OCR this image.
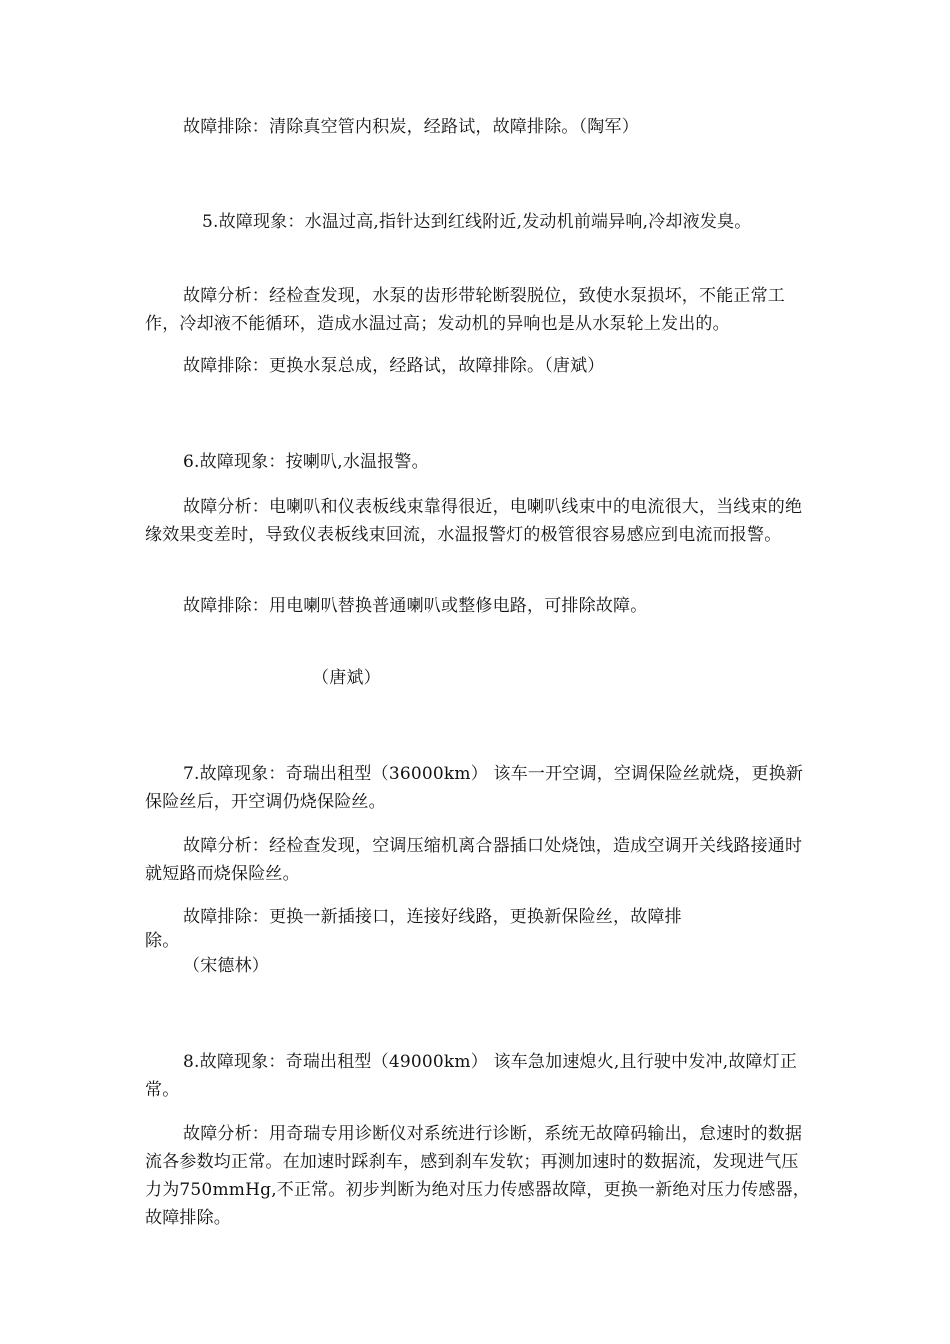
故障排除：清除真空管内积炭，经路试，故障排除。（陶军）
5.故障现象：水温过高,指针达到红线附近,发动机前端异响,冷却液发臭。
故障分析：经检查发现，水泵的齿形带轮断裂脱位，致使水泵损坏，不能正常工作，冷却液不能循环，造成水温过高；发动机的异响也是从水泵轮上发出的。
故障排除：更换水泵总成，经路试，故障排除。（唐斌）
6.故障现象：按喇叭,水温报警。
故障分析：电喇叭和仪表板线束靠得很近，电喇叭线束中的电流很大，当线束的绝缘效果变差时，导致仪表板线束回流，水温报警灯的极管很容易感应到电流而报警。
故障排除：用电喇叭替换普通喇叭或整修电路，可排除故障。
（唐斌）
7.故障现象：奇瑞出租型（36000km） 该车一开空调，空调保险丝就烧，更换新保险丝后，开空调仍烧保险丝。
故障分析：经检查发现，空调压缩机离合器插口处烧蚀，造成空调开关线路接通时就短路而烧保险丝。
故障排除：更换一新插接口，连接好线路，更换新保险丝，故障排
除。
（宋德林）
8.故障现象：奇瑞出租型（49000km） 该车急加速熄火,且行驶中发冲,故障灯正常。
故障分析：用奇瑞专用诊断仪对系统进行诊断，系统无故障码输出，怠速时的数据流各参数均正常。在加速时踩刹车，感到刹车发软；再测加速时的数据流，发现进气压力为750mmHg,不正常。初步判断为绝对压力传感器故障，更换一新绝对压力传感器，故障排除。
